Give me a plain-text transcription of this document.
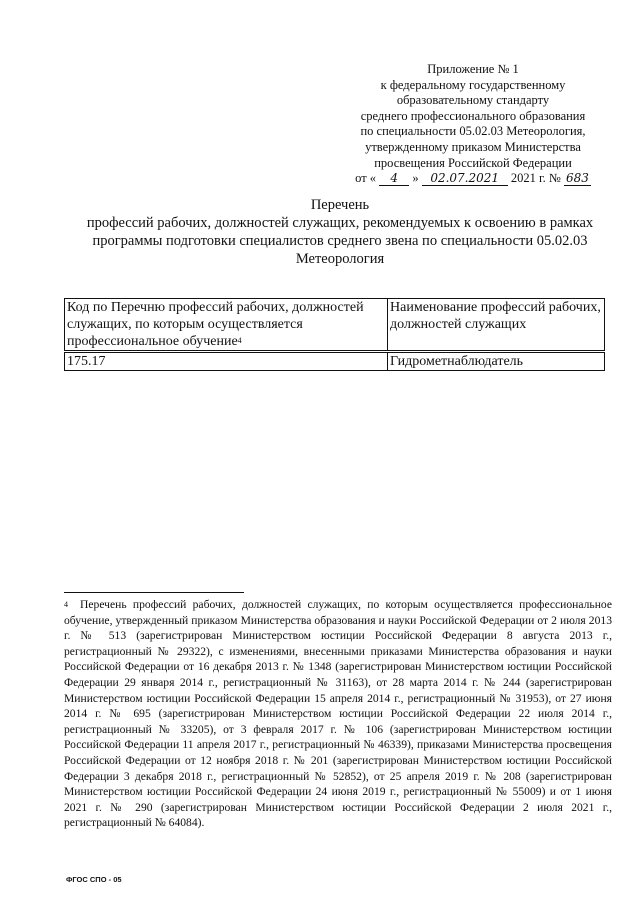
Приложение № 1
к федеральному государственному
образовательному стандарту
среднего профессионального образования
по специальности 05.02.03 Метеорология,
утвержденному приказом Министерства
просвещения Российской Федерации
от « 4 » 02.07.2021 2021 г. № 683
Перечень
профессий рабочих, должностей служащих, рекомендуемых к освоению в рамках
программы подготовки специалистов среднего звена по специальности 05.02.03
Метеорология
Код по Перечню профессий рабочих, должностей служащих, по которым осуществляется профессиональное обучение$^4$	Наименование профессий рабочих, должностей служащих
175.17	Гидрометнаблюдатель
$^4$ Перечень профессий рабочих, должностей служащих, по которым осуществляется профессиональное обучение, утвержденный приказом Министерства образования и науки Российской Федерации от 2 июля 2013 г. № 513 (зарегистрирован Министерством юстиции Российской Федерации 8 августа 2013 г., регистрационный № 29322), с изменениями, внесенными приказами Министерства образования и науки Российской Федерации от 16 декабря 2013 г. № 1348 (зарегистрирован Министерством юстиции Российской Федерации 29 января 2014 г., регистрационный № 31163), от 28 марта 2014 г. № 244 (зарегистрирован Министерством юстиции Российской Федерации 15 апреля 2014 г., регистрационный № 31953), от 27 июня 2014 г. № 695 (зарегистрирован Министерством юстиции Российской Федерации 22 июля 2014 г., регистрационный № 33205), от 3 февраля 2017 г. № 106 (зарегистрирован Министерством юстиции Российской Федерации 11 апреля 2017 г., регистрационный № 46339), приказами Министерства просвещения Российской Федерации от 12 ноября 2018 г. № 201 (зарегистрирован Министерством юстиции Российской Федерации 3 декабря 2018 г., регистрационный № 52852), от 25 апреля 2019 г. № 208 (зарегистрирован Министерством юстиции Российской Федерации 24 июня 2019 г., регистрационный № 55009) и от 1 июня 2021 г. № 290 (зарегистрирован Министерством юстиции Российской Федерации 2 июля 2021 г., регистрационный № 64084).
ФГОС СПО - 05
